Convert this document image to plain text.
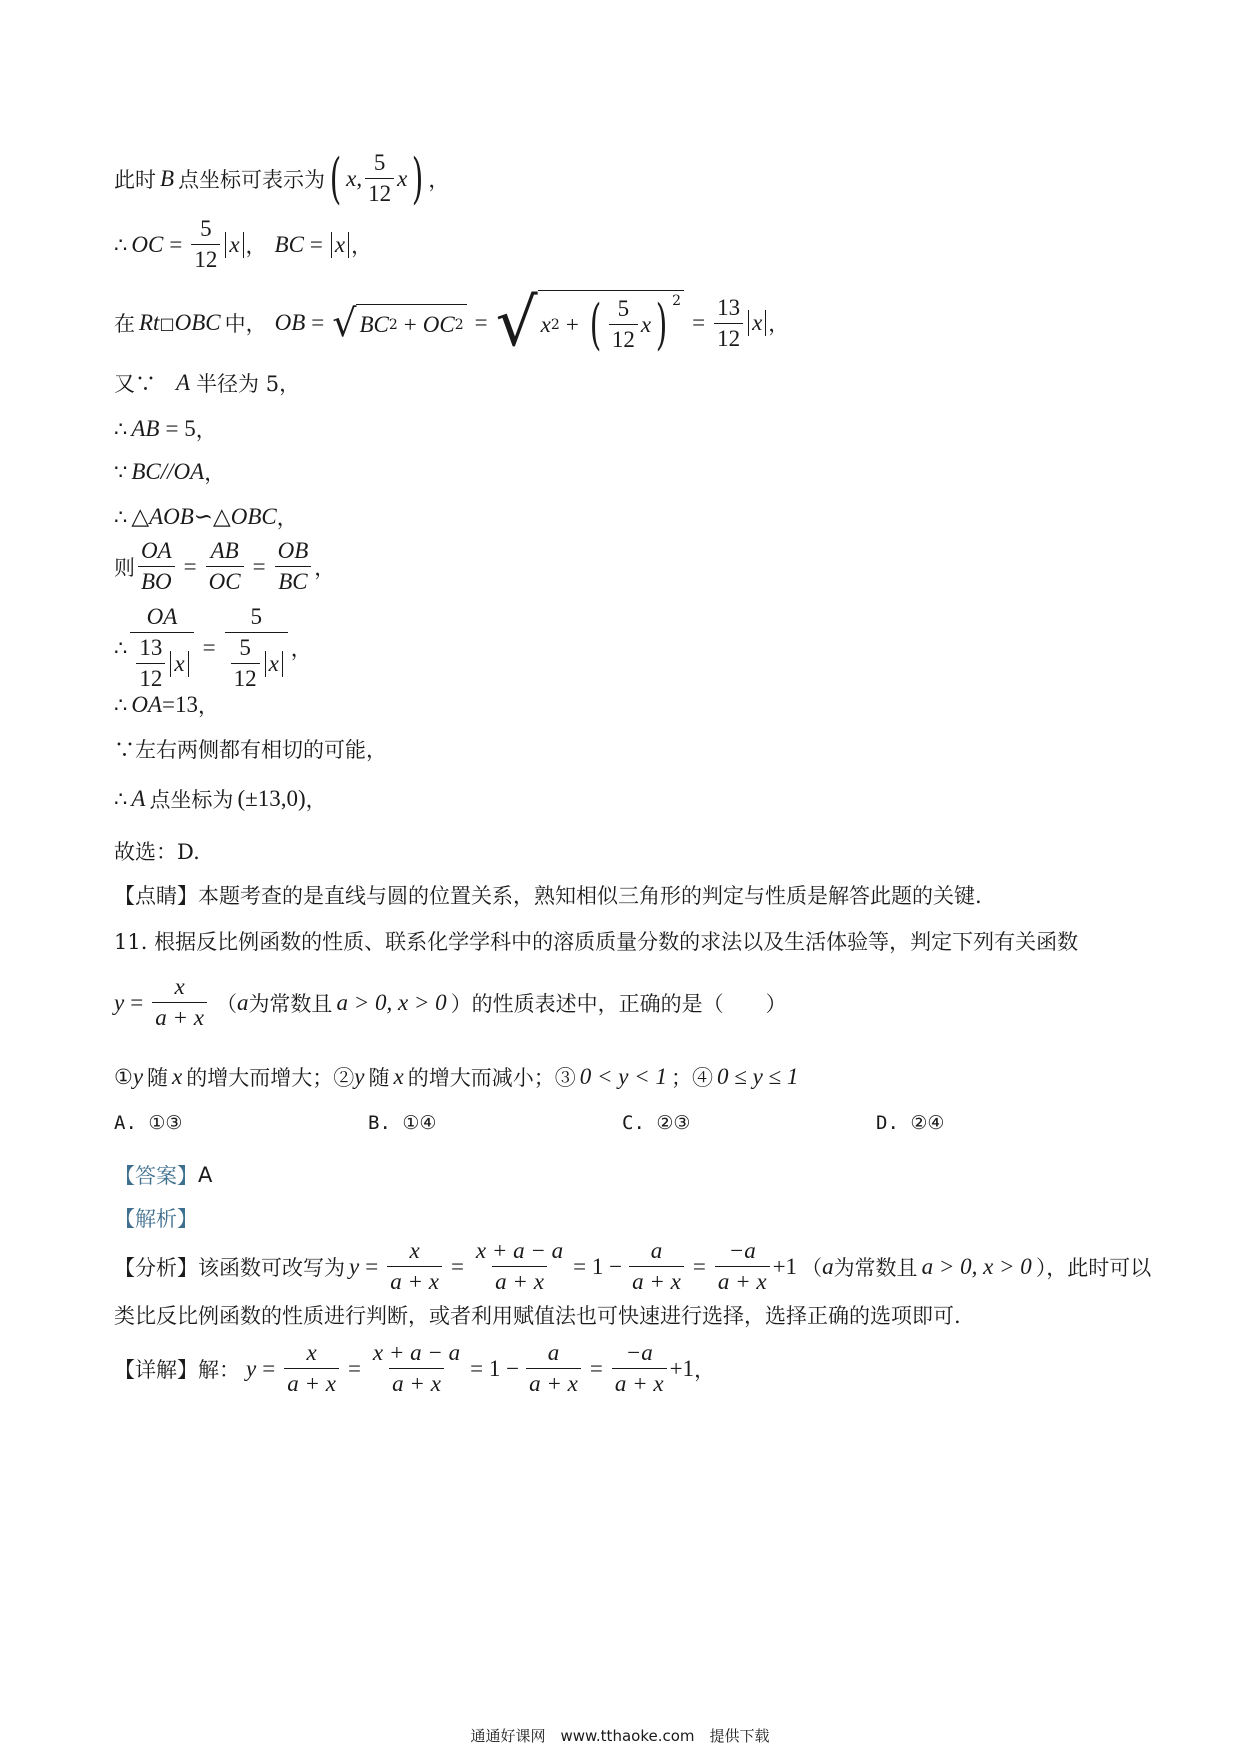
此时 B 点坐标可表示为 ( x , $\frac{5}{12}$ x ) ，
∴ OC = $\frac{5}{12}$ x ， BC = x ，
在 Rt □ OBC 中， OB = √ BC 2 + OC 2 = √ x 2 + ( $\frac{5}{12}$ x ) $^2$
= $\frac{13}{12}$ x ，
又∵ A 半径为 5，
∴ AB = 5 ，
∵ BC//OA ，
∴ △AOB∽△OBC ，
则 $\frac{OA}{BO} = \frac{AB}{OC} = \frac{OB}{BC}$ ，
∴ $\frac{OA}{\frac{13}{12} x} = \frac{5}{\frac{5}{12} x}$ ，
∴ OA =13 ，
∵左右两侧都有相切的可能，
∴ A 点坐标为 (±13,0) ，
故选：D.
【点睛】本题考查的是直线与圆的位置关系，熟知相似三角形的判定与性质是解答此题的关键.
11. 根据反比例函数的性质、联系化学学科中的溶质质量分数的求法以及生活体验等，判定下列有关函数
$y = \frac{x}{a + x}$ （ a 为常数且 a > 0, x > 0 ）的性质表述中，正确的是（　　）
① y 随 x 的增大而增大；② y 随 x 的增大而减小；③ 0 < y < 1 ；④ 0 ≤ y ≤ 1
A. ①③	B. ①④	C. ②③	D. ②④
【答案】 A
【解析】
【分析】 该函数可改写为 $y = \frac{x}{a + x} = \frac{x + a - a}{a + x} = 1 - \frac{a}{a + x} = \frac{-a}{a + x} +1$ （ a 为常数且 a > 0, x > 0 ），此时可以
类比反比例函数的性质进行判断，或者利用赋值法也可快速进行选择，选择正确的选项即可.
【详解】解： $y = \frac{x}{a + x} = \frac{x + a - a}{a + x} = 1 - \frac{a}{a + x} = \frac{-a}{a + x} +1$ ，
通通好课网　www.tthaoke.com　提供下载
